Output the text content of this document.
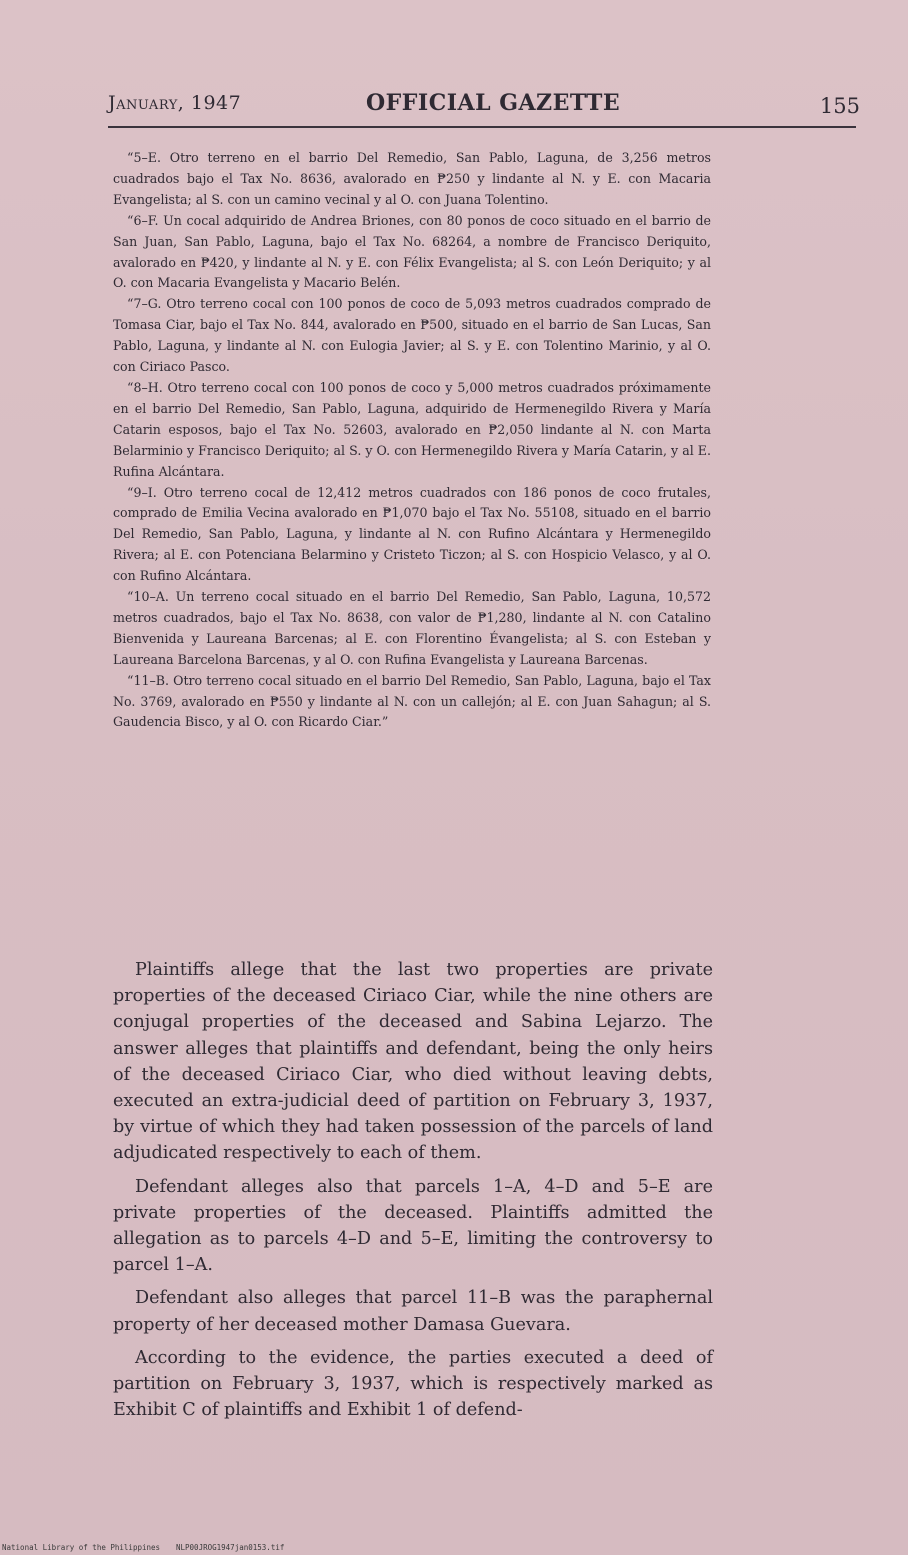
January, 1947	OFFICIAL GAZETTE	155

“5–E. Otro terreno en el barrio Del Remedio, San Pablo, Laguna, de 3,256 metros cuadrados bajo el Tax No. 8636, avalorado en ₱250 y lindante al N. y E. con Macaria Evangelista; al S. con un camino vecinal y al O. con Juana Tolentino.

“6–F. Un cocal adquirido de Andrea Briones, con 80 ponos de coco situado en el barrio de San Juan, San Pablo, Laguna, bajo el Tax No. 68264, a nombre de Francisco Deriquito, avalorado en ₱420, y lindante al N. y E. con Félix Evangelista; al S. con León Deriquito; y al O. con Macaria Evangelista y Macario Belén.

“7–G. Otro terreno cocal con 100 ponos de coco de 5,093 metros cuadrados comprado de Tomasa Ciar, bajo el Tax No. 844, avalorado en ₱500, situado en el barrio de San Lucas, San Pablo, Laguna, y lindante al N. con Eulogia Javier; al S. y E. con Tolentino Marinio, y al O. con Ciriaco Pasco.

“8–H. Otro terreno cocal con 100 ponos de coco y 5,000 metros cuadrados próximamente en el barrio Del Remedio, San Pablo, Laguna, adquirido de Hermenegildo Rivera y María Catarin esposos, bajo el Tax No. 52603, avalorado en ₱2,050 lindante al N. con Marta Belarminio y Francisco Deriquito; al S. y O. con Hermenegildo Rivera y María Catarin, y al E. Rufina Alcántara.

“9–I. Otro terreno cocal de 12,412 metros cuadrados con 186 ponos de coco frutales, comprado de Emilia Vecina avalorado en ₱1,070 bajo el Tax No. 55108, situado en el barrio Del Remedio, San Pablo, Laguna, y lindante al N. con Rufino Alcántara y Hermenegildo Rivera; al E. con Potenciana Belarmino y Cristeto Ticzon; al S. con Hospicio Velasco, y al O. con Rufino Alcántara.

“10–A. Un terreno cocal situado en el barrio Del Remedio, San Pablo, Laguna, 10,572 metros cuadrados, bajo el Tax No. 8638, con valor de ₱1,280, lindante al N. con Catalino Bienvenida y Laureana Barcenas; al E. con Florentino Évangelista; al S. con Esteban y Laureana Barcelona Barcenas, y al O. con Rufina Evangelista y Laureana Barcenas.

“11–B. Otro terreno cocal situado en el barrio Del Remedio, San Pablo, Laguna, bajo el Tax No. 3769, avalorado en ₱550 y lindante al N. con un callejón; al E. con Juan Sahagun; al S. Gaudencia Bisco, y al O. con Ricardo Ciar.”

Plaintiffs allege that the last two properties are private properties of the deceased Ciriaco Ciar, while the nine others are conjugal properties of the deceased and Sabina Lejarzo. The answer alleges that plaintiffs and defendant, being the only heirs of the deceased Ciriaco Ciar, who died without leaving debts, executed an extra-judicial deed of partition on February 3, 1937, by virtue of which they had taken possession of the parcels of land adjudicated respectively to each of them.

Defendant alleges also that parcels 1–A, 4–D and 5–E are private properties of the deceased. Plaintiffs admitted the allegation as to parcels 4–D and 5–E, limiting the controversy to parcel 1–A.

Defendant also alleges that parcel 11–B was the paraphernal property of her deceased mother Damasa Guevara.

According to the evidence, the parties executed a deed of partition on February 3, 1937, which is respectively marked as Exhibit C of plaintiffs and Exhibit 1 of defend-

National Library of the Philippines NLP00JROG1947jan0153.tif
